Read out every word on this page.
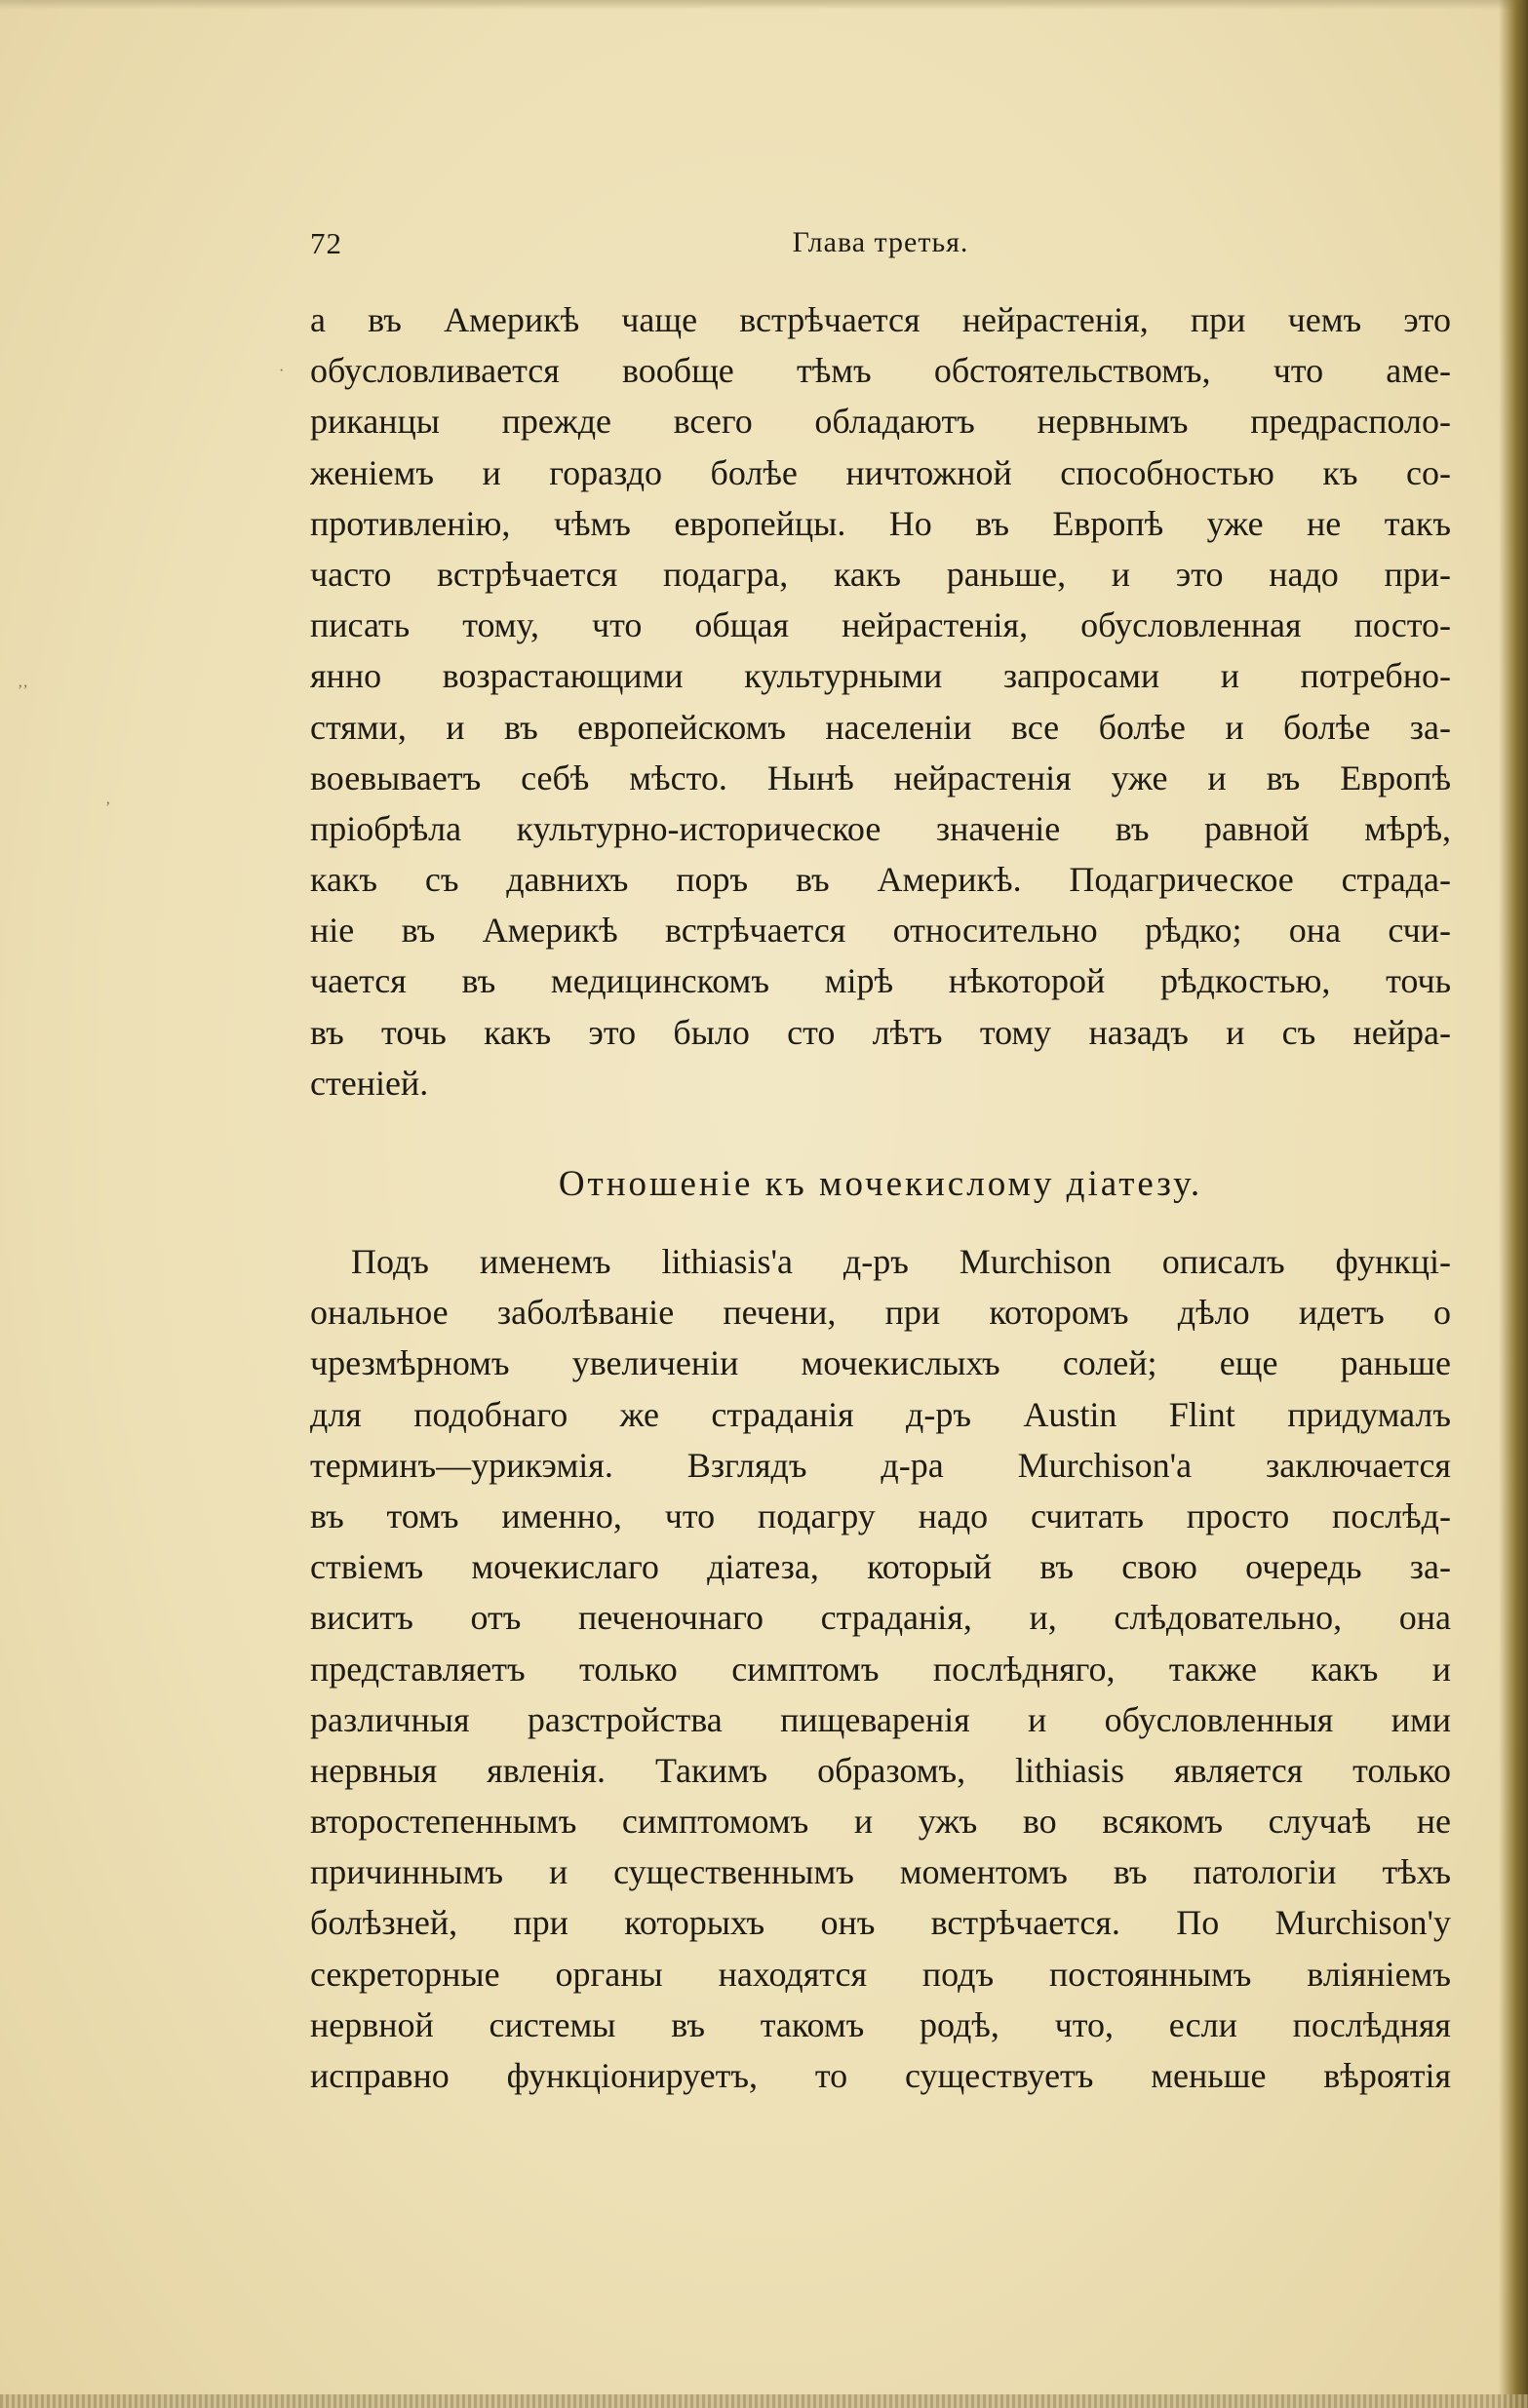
·
ʼʼ
ʼ
72	Глава третья.
а въ Америкѣ чаще встрѣчается нейрастенія, при чемъ это
обусловливается вообще тѣмъ обстоятельствомъ, что аме-
риканцы прежде всего обладаютъ нервнымъ предрасполо-
женіемъ и гораздо болѣе ничтожной способностью къ со-
противленію, чѣмъ европейцы. Но въ Европѣ уже не такъ
часто встрѣчается подагра, какъ раньше, и это надо при-
писать тому, что общая нейрастенія, обусловленная посто-
янно возрастающими культурными запросами и потребно-
стями, и въ европейскомъ населеніи все болѣе и болѣе за-
воевываетъ себѣ мѣсто. Нынѣ нейрастенія уже и въ Европѣ
пріобрѣла культурно-историческое значеніе въ равной мѣрѣ,
какъ съ давнихъ поръ въ Америкѣ. Подагрическое страда-
ніе въ Америкѣ встрѣчается относительно рѣдко; она счи-
чается въ медицинскомъ мірѣ нѣкоторой рѣдкостью, точь
въ точь какъ это было сто лѣтъ тому назадъ и съ нейра-
стеніей.
Отношеніе къ мочекислому діатезу.
Подъ именемъ lithiasis'а д-ръ Murchison описалъ функці-
ональное заболѣваніе печени, при которомъ дѣло идетъ о
чрезмѣрномъ увеличеніи мочекислыхъ солей; еще раньше
для подобнаго же страданія д-ръ Austin Flint придумалъ
терминъ—урикэмія. Взглядъ д-ра Murchison'а заключается
въ томъ именно, что подагру надо считать просто послѣд-
ствіемъ мочекислаго діатеза, который въ свою очередь за-
виситъ отъ печеночнаго страданія, и, слѣдовательно, она
представляетъ только симптомъ послѣдняго, также какъ и
различныя разстройства пищеваренія и обусловленныя ими
нервныя явленія. Такимъ образомъ, lithiasis является только
второстепеннымъ симптомомъ и ужъ во всякомъ случаѣ не
причиннымъ и существеннымъ моментомъ въ патологіи тѣхъ
болѣзней, при которыхъ онъ встрѣчается. По Murchison'у
секреторные органы находятся подъ постояннымъ вліяніемъ
нервной системы въ такомъ родѣ, что, если послѣдняя
исправно функціонируетъ, то существуетъ меньше вѣроятія
